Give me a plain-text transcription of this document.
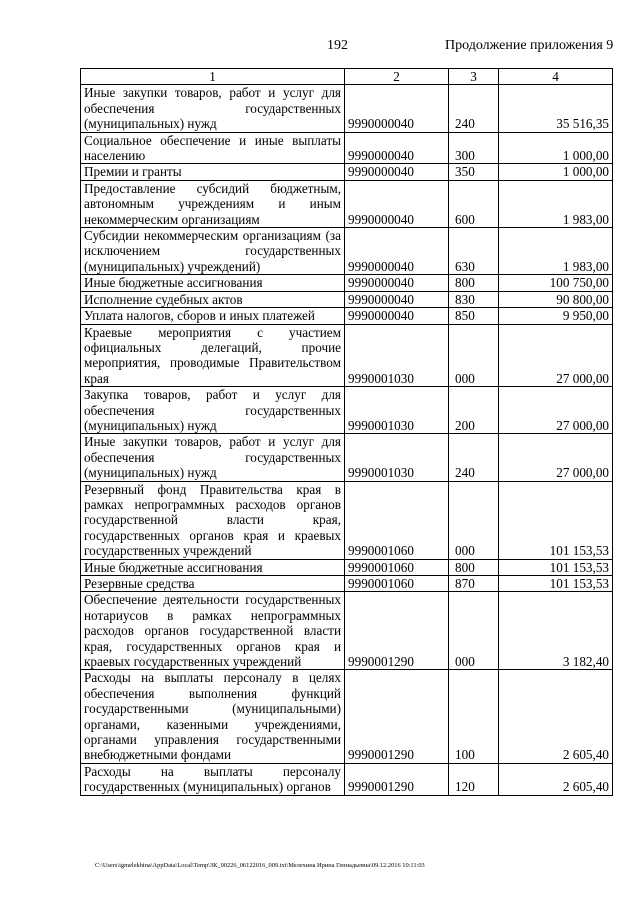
192	Продолжение приложения 9
1	2	3	4
Иные закупки товаров, работ и услуг для обеспечения государственных (муниципальных) нужд	9990000040	240	35 516,35
Социальное обеспечение и иные выплаты населению	9990000040	300	1 000,00
Премии и гранты	9990000040	350	1 000,00
Предоставление субсидий бюджетным, автономным учреждениям и иным некоммерческим организациям	9990000040	600	1 983,00
Субсидии некоммерческим организациям (за исключением государственных (муниципальных) учреждений)	9990000040	630	1 983,00
Иные бюджетные ассигнования	9990000040	800	100 750,00
Исполнение судебных актов	9990000040	830	90 800,00
Уплата налогов, сборов и иных платежей	9990000040	850	9 950,00
Краевые мероприятия с участием официальных делегаций, прочие мероприятия, проводимые Правительством края	9990001030	000	27 000,00
Закупка товаров, работ и услуг для обеспечения государственных (муниципальных) нужд	9990001030	200	27 000,00
Иные закупки товаров, работ и услуг для обеспечения государственных (муниципальных) нужд	9990001030	240	27 000,00
Резервный фонд Правительства края в рамках непрограммных расходов органов государственной власти края, государственных органов края и краевых государственных учреждений	9990001060	000	101 153,53
Иные бюджетные ассигнования	9990001060	800	101 153,53
Резервные средства	9990001060	870	101 153,53
Обеспечение деятельности государственных нотариусов в рамках непрограммных расходов органов государственной власти края, государственных органов края и краевых государственных учреждений	9990001290	000	3 182,40
Расходы на выплаты персоналу в целях обеспечения выполнения функций государственными (муниципальными) органами, казенными учреждениями, органами управления государственными внебюджетными фондами	9990001290	100	2 605,40
Расходы на выплаты персоналу государственных (муниципальных) органов	9990001290	120	2 605,40
C:\Users\igmelekhina\AppData\Local\Temp\ЗК_00226_06122016_009.txt\Мелехина Ирина Геннадьевна\09.12.2016 10:11:03
